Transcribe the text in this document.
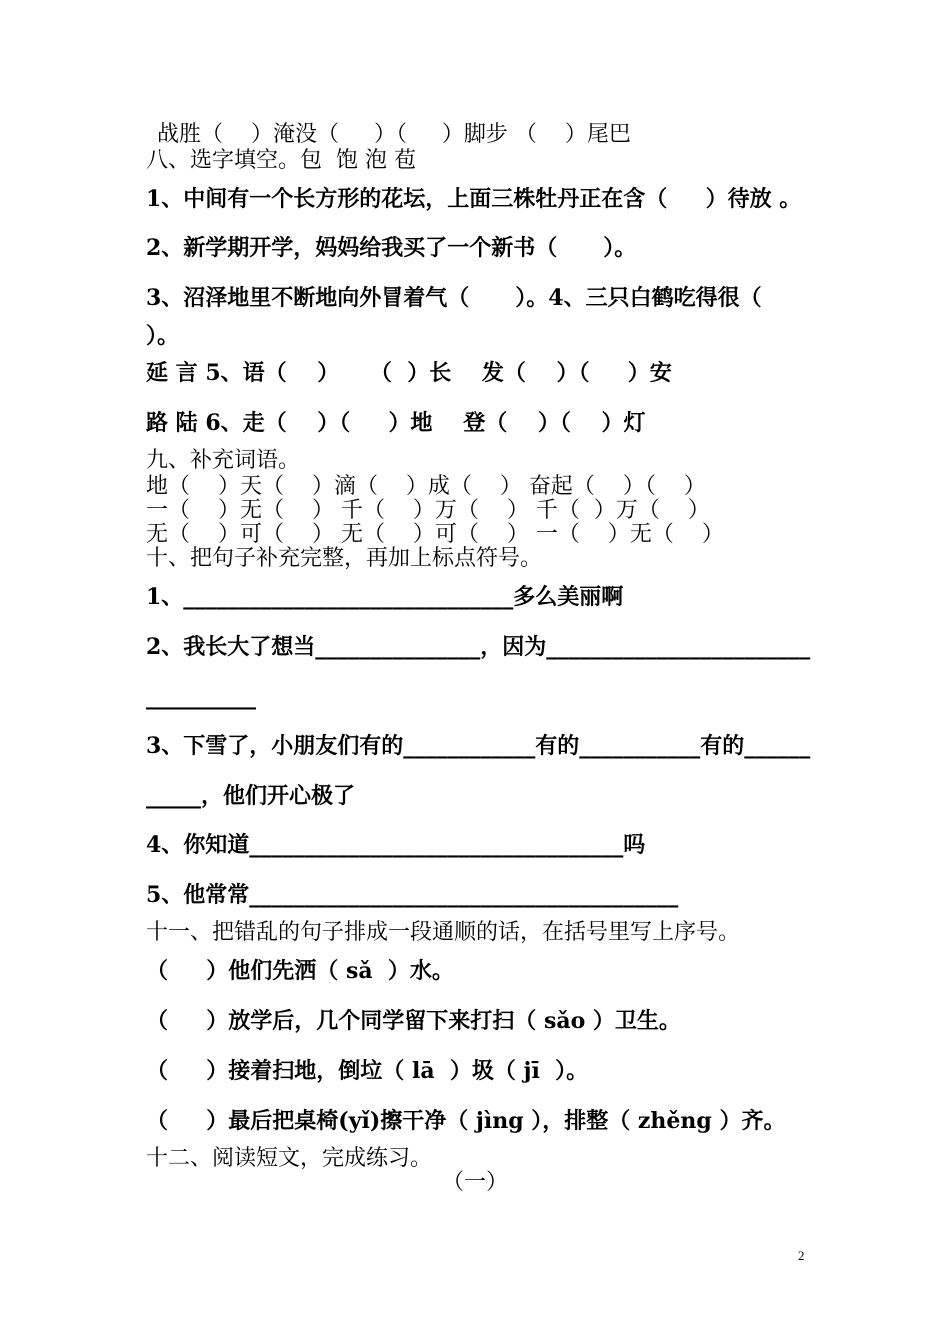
战胜（    ）淹没（     ）（     ）脚步 （    ）尾巴
八、选字填空。包  饱 泡 苞
1、中间有一个长方形的花坛，上面三株牡丹正在含（     ）待放 。
2、新学期开学，妈妈给我买了一个新书（      ）。
3、沼泽地里不断地向外冒着气（      ）。4、三只白鹤吃得很（
）。
延 言 5、语（    ）    （  ）长    发（    ）（     ）安
路 陆 6、走（    ）（     ）地    登（    ）（    ）灯
九、补充词语。
地（    ）天（    ）滴（    ）成（    ） 奋起（    ）（    ）
一（    ）无（    ） 千（    ）万（    ） 千（  ）万（    ）
无（    ）可（    ） 无（    ）可（    ） 一（    ）无（    ）
十、把句子补充完整，再加上标点符号。
1、______________________________多么美丽啊
2、我长大了想当_______________，因为________________________
__________
3、下雪了，小朋友们有的____________有的___________有的______
_____，他们开心极了
4、你知道__________________________________吗
5、他常常_______________________________________
十一、把错乱的句子排成一段通顺的话，在括号里写上序号。
（     ）他们先洒（ sǎ  ）水。
（     ）放学后，几个同学留下来打扫（ sǎo ）卫生。
（     ）接着扫地，倒垃（ lā  ）圾（ jī  ）。
（     ）最后把桌椅(yǐ)擦干净（ jìng ），排整（ zhěng ）齐。
十二、阅读短文，完成练习。
（一）
2
